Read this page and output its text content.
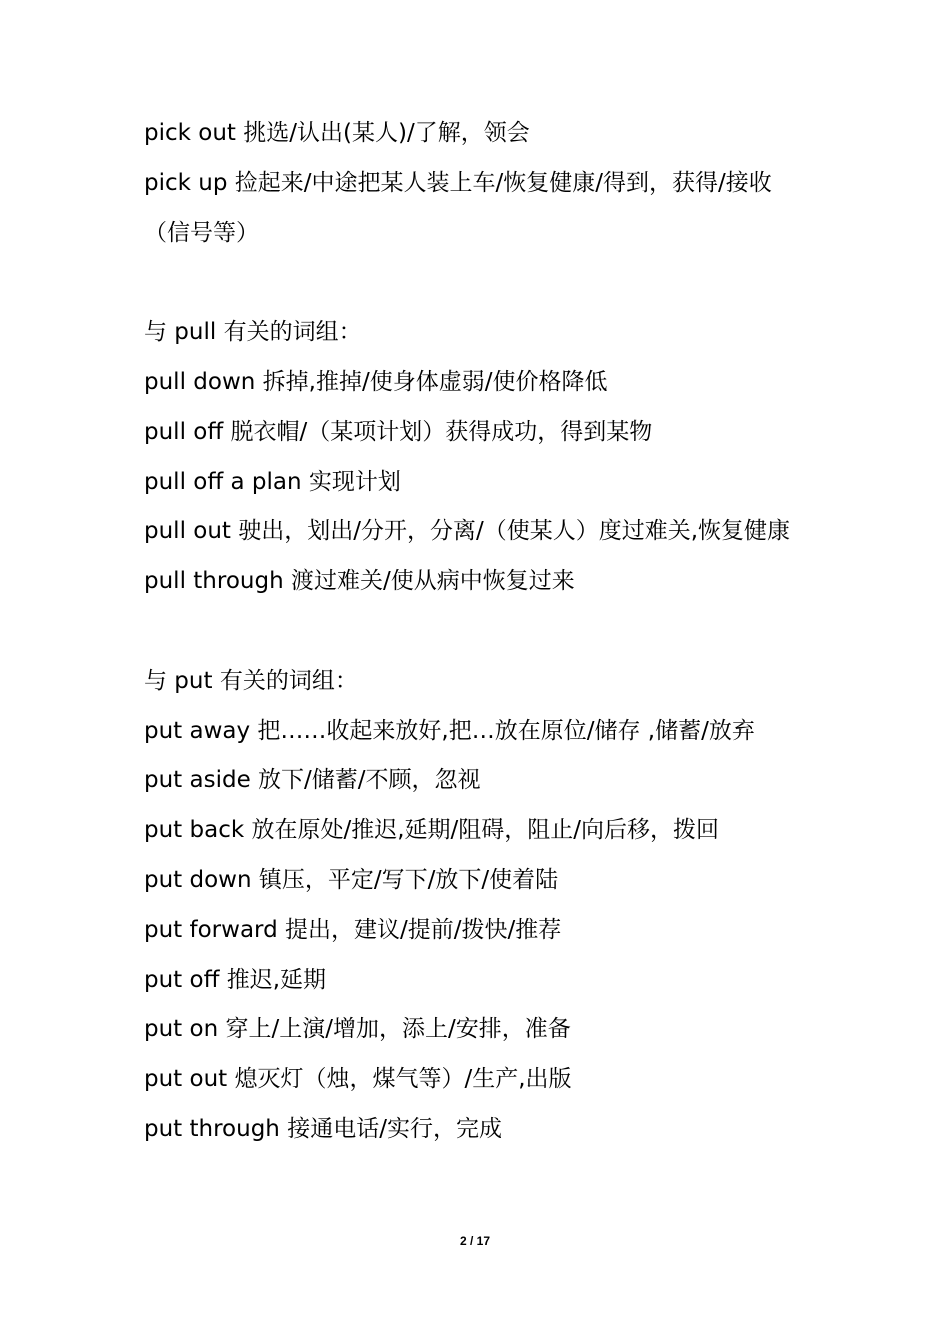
pick out 挑选/认出(某人)/了解，领会
pick up 捡起来/中途把某人装上车/恢复健康/得到，获得/接收（信号等）
与 pull 有关的词组：
pull down 拆掉,推掉/使身体虚弱/使价格降低
pull off 脱衣帽/（某项计划）获得成功，得到某物
pull off a plan 实现计划
pull out 驶出，划出/分开，分离/（使某人）度过难关,恢复健康
pull through 渡过难关/使从病中恢复过来
与 put 有关的词组：
put away 把……收起来放好,把…放在原位/储存 ,储蓄/放弃
put aside 放下/储蓄/不顾，忽视
put back 放在原处/推迟,延期/阻碍，阻止/向后移，拨回
put down 镇压，平定/写下/放下/使着陆
put forward 提出，建议/提前/拨快/推荐
put off 推迟,延期
put on 穿上/上演/增加，添上/安排，准备
put out 熄灭灯（烛，煤气等）/生产,出版
put through 接通电话/实行，完成
2 / 17
